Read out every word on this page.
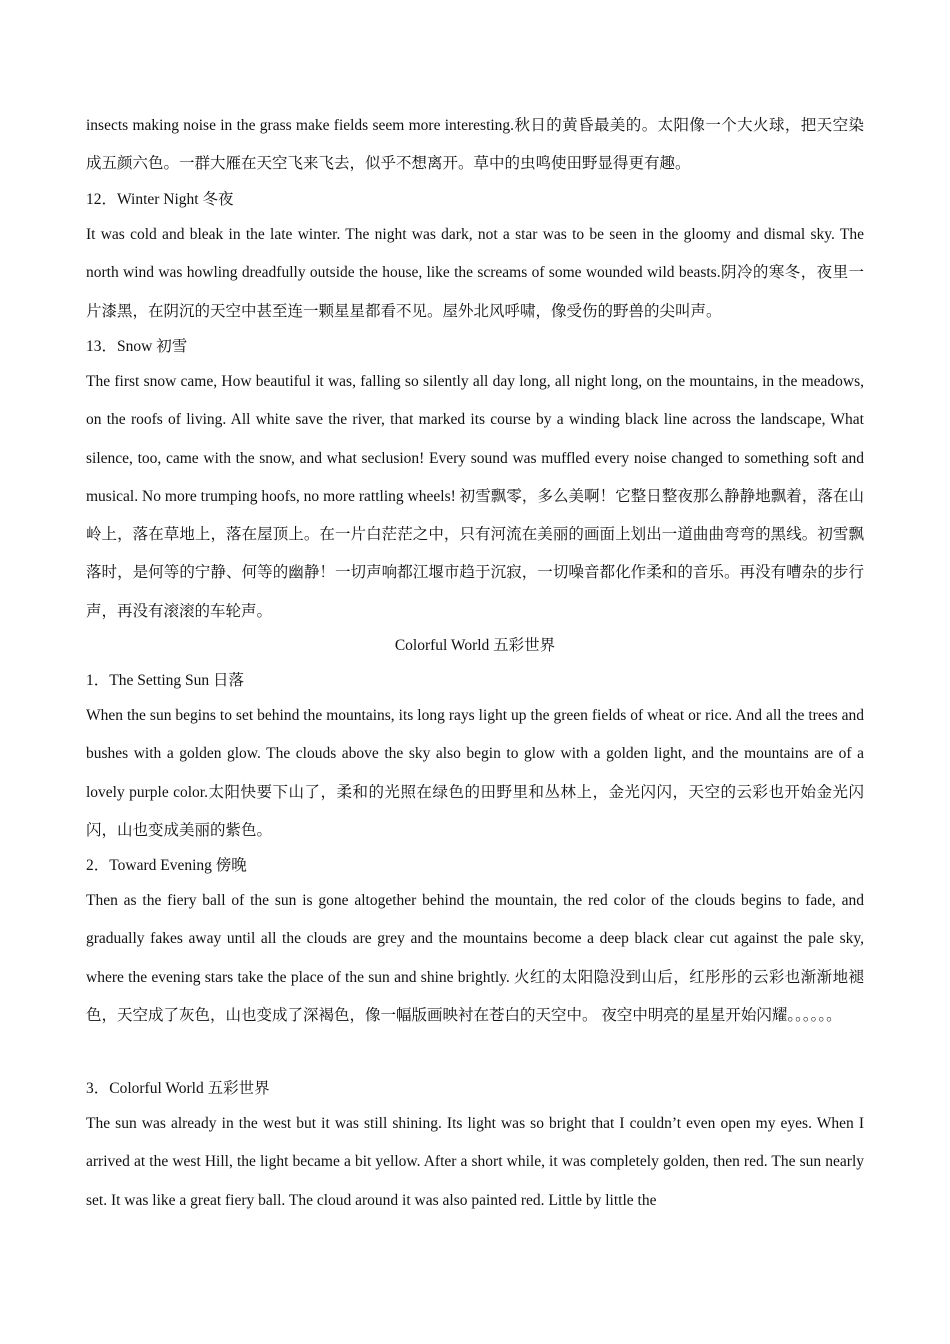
insects making noise in the grass make fields seem more interesting.秋日的黄昏最美的。太阳像一个大火球，把天空染成五颜六色。一群大雁在天空飞来飞去，似乎不想离开。草中的虫鸣使田野显得更有趣。

12．Winter Night 冬夜

It was cold and bleak in the late winter. The night was dark, not a star was to be seen in the gloomy and dismal sky. The north wind was howling dreadfully outside the house, like the screams of some wounded wild beasts.阴冷的寒冬，夜里一片漆黑，在阴沉的天空中甚至连一颗星星都看不见。屋外北风呼啸，像受伤的野兽的尖叫声。

13．Snow 初雪

The first snow came, How beautiful it was, falling so silently all day long, all night long, on the mountains, in the meadows, on the roofs of living. All white save the river, that marked its course by a winding black line across the landscape, What silence, too, came with the snow, and what seclusion! Every sound was muffled every noise changed to something soft and musical. No more trumping hoofs, no more rattling wheels! 初雪飘零，多么美啊！它整日整夜那么静静地飘着，落在山岭上，落在草地上，落在屋顶上。在一片白茫茫之中，只有河流在美丽的画面上划出一道曲曲弯弯的黑线。初雪飘落时，是何等的宁静、何等的幽静！一切声响都江堰市趋于沉寂，一切噪音都化作柔和的音乐。再没有嘈杂的步行声，再没有滚滚的车轮声。

Colorful World 五彩世界

1．The Setting Sun 日落

When the sun begins to set behind the mountains, its long rays light up the green fields of wheat or rice. And all the trees and bushes with a golden glow. The clouds above the sky also begin to glow with a golden light, and the mountains are of a lovely purple color.太阳快要下山了，柔和的光照在绿色的田野里和丛林上，金光闪闪，天空的云彩也开始金光闪闪，山也变成美丽的紫色。

2．Toward Evening 傍晚

Then as the fiery ball of the sun is gone altogether behind the mountain, the red color of the clouds begins to fade, and gradually fakes away until all the clouds are grey and the mountains become a deep black clear cut against the pale sky, where the evening stars take the place of the sun and shine brightly. 火红的太阳隐没到山后，红彤彤的云彩也渐渐地褪色，天空成了灰色，山也变成了深褐色，像一幅版画映衬在苍白的天空中。 夜空中明亮的星星开始闪耀。。。。。。

3．Colorful World 五彩世界

The sun was already in the west but it was still shining. Its light was so bright that I couldn’t even open my eyes. When I arrived at the west Hill, the light became a bit yellow. After a short while, it was completely golden, then red. The sun nearly set. It was like a great fiery ball. The cloud around it was also painted red. Little by little the
